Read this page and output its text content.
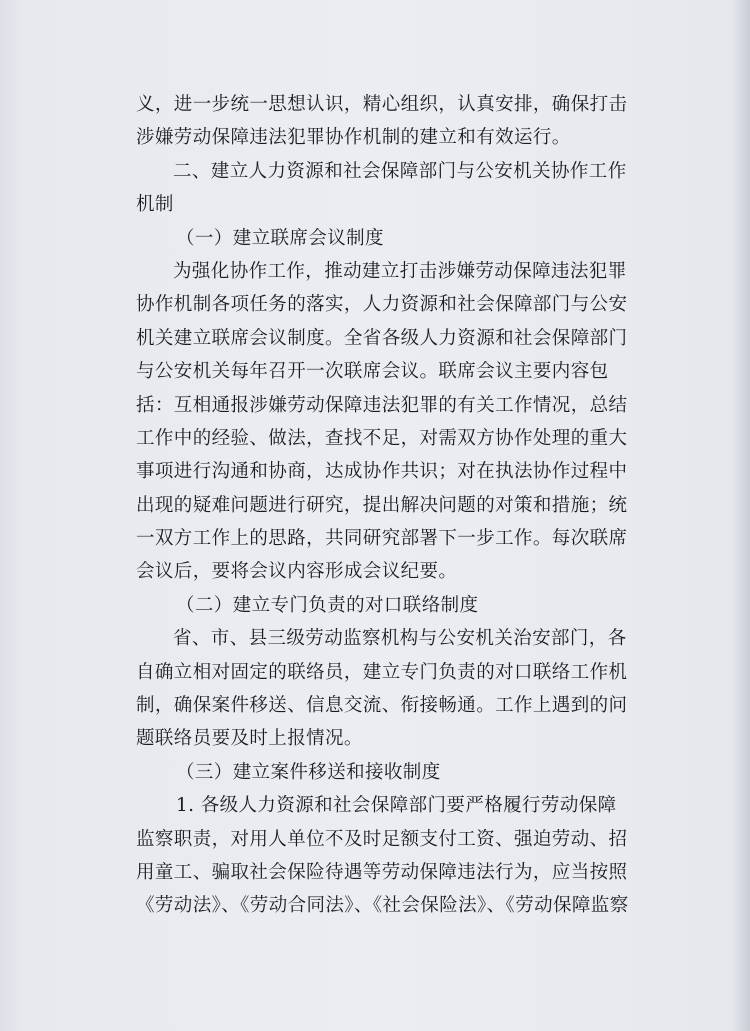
义，进一步统一思想认识，精心组织，认真安排，确保打击
涉嫌劳动保障违法犯罪协作机制的建立和有效运行。
二、建立人力资源和社会保障部门与公安机关协作工作
机制
（一）建立联席会议制度
为强化协作工作，推动建立打击涉嫌劳动保障违法犯罪
协作机制各项任务的落实，人力资源和社会保障部门与公安
机关建立联席会议制度。全省各级人力资源和社会保障部门
与公安机关每年召开一次联席会议。联席会议主要内容包
括：互相通报涉嫌劳动保障违法犯罪的有关工作情况，总结
工作中的经验、做法，查找不足，对需双方协作处理的重大
事项进行沟通和协商，达成协作共识；对在执法协作过程中
出现的疑难问题进行研究，提出解决问题的对策和措施；统
一双方工作上的思路，共同研究部署下一步工作。每次联席
会议后，要将会议内容形成会议纪要。
（二）建立专门负责的对口联络制度
省、市、县三级劳动监察机构与公安机关治安部门，各
自确立相对固定的联络员，建立专门负责的对口联络工作机
制，确保案件移送、信息交流、衔接畅通。工作上遇到的问
题联络员要及时上报情况。
（三）建立案件移送和接收制度
1. 各级人力资源和社会保障部门要严格履行劳动保障
监察职责，对用人单位不及时足额支付工资、强迫劳动、招
用童工、骗取社会保险待遇等劳动保障违法行为，应当按照
《劳动法》、《劳动合同法》、《社会保险法》、《劳动保障监察
